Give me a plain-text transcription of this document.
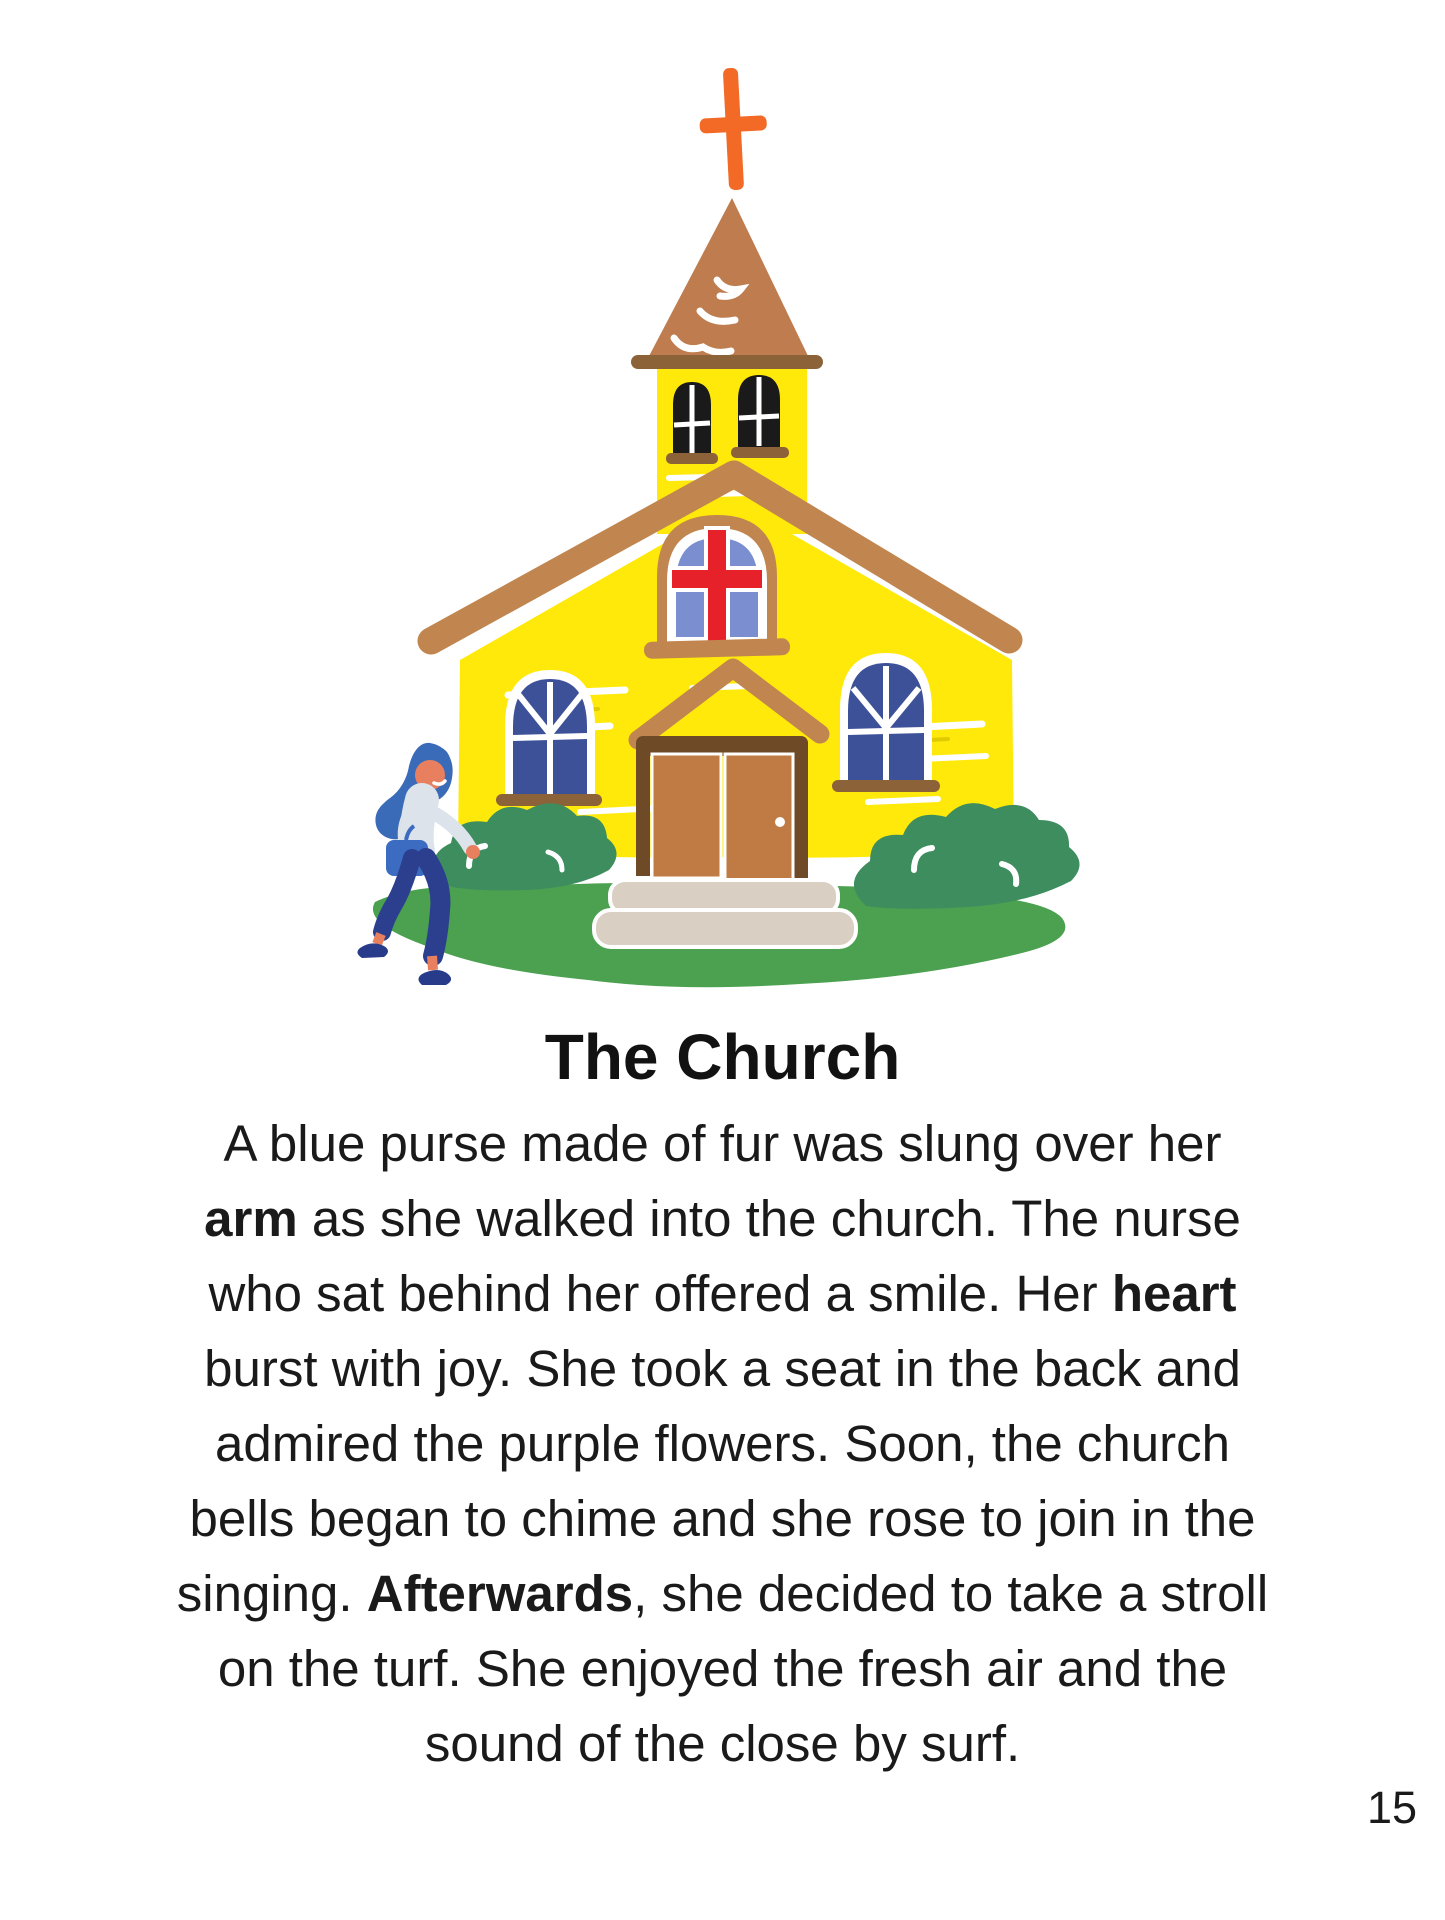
The Church
A blue purse made of fur was slung over her
arm as she walked into the church. The nurse
who sat behind her offered a smile. Her heart
burst with joy. She took a seat in the back and
admired the purple flowers. Soon, the church
bells began to chime and she rose to join in the
singing. Afterwards, she decided to take a stroll
on the turf. She enjoyed the fresh air and the
sound of the close by surf.
15
